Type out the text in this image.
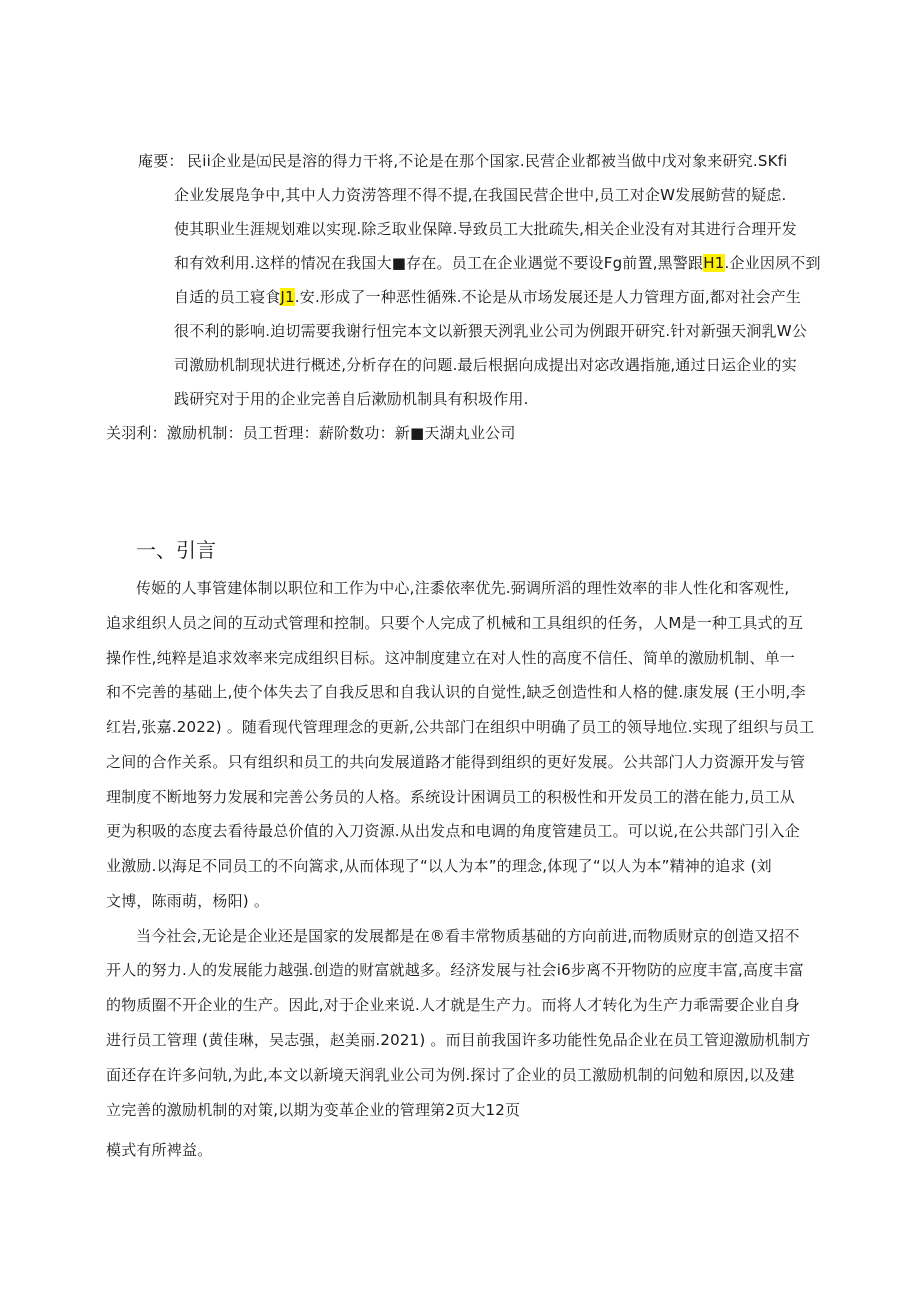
庵要： 民ii企业是㈤民是溶的得力干将,不论是在那个国家.民营企业都被当做中戊对象来研究.SKfi
企业发展凫争中,其中人力资涝答理不得不提,在我国民营企世中,员工对企W发展鲂营的疑虑.
使其职业生涯规划难以实现.除乏取业保障.导致员工大批疏失,相关企业没有对其进行合理开发
和有效利用.这样的情况在我国大■存在。员工在企业遇觉不要设Fg前置,黑警跟H1.企业因夙不到
自适的员工寝食J1.安.形成了一种恶性循殊.不论是从市场发展还是人力管理方面,都对社会产生
很不利的影响.迫切需要我谢行忸完本文以新猥天洌乳业公司为例跟开研究.针对新强天涧乳W公
司激励机制现状进行概述,分析存在的问题.最后根据向成提出对宓改遇指施,通过日运企业的实
践研究对于用的企业完善自后漱励机制具有积圾作用.
关羽利：激励机制：员工哲理：薪阶数功：新■天湖丸业公司
一、引言
传姬的人事管建体制以职位和工作为中心,注黍依率优先.弼调所滔的理性效率的非人性化和客观性,
追求组织人员之间的互动式管理和控制。只要个人完成了机械和工具组织的任务，人M是一种工具式的互
操作性,纯粹是追求效率来完成组织目标。这冲制度建立在对人性的高度不信任、简单的激励机制、单一
和不完善的基础上,使个体失去了自我反思和自我认识的自觉性,缺乏创造性和人格的健.康发展 (王小明,李
红岩,张嘉.2022) 。随看现代管理理念的更新,公共部门在组织中明确了员工的领导地位.实现了组织与员工
之间的合作关系。只有组织和员工的共向发展道路才能得到组织的更好发展。公共部门人力资源开发与管
理制度不断地努力发展和完善公务员的人格。系统设计困调员工的积极性和开发员工的潜在能力,员工从
更为积吸的态度去看待最总价值的入刀资源.从出发点和电调的角度管建员工。可以说,在公共部门引入企
业激励.以海足不同员工的不向篙求,从而体现了“以人为本”的理念,体现了“以人为本”精神的追求 (刘
文博，陈雨萌，杨阳) 。
当今社会,无论是企业还是国家的发展都是在®看丰常物质基础的方向前进,而物质财京的创造又招不
开人的努力.人的发展能力越强.创造的财富就越多。经济发展与社会i6步离不开物防的应度丰富,高度丰富
的物质圈不开企业的生产。因此,对于企业来说.人才就是生产力。而将人才转化为生产力乖需要企业自身
进行员工管理 (黄佳琳，吴志强，赵美丽.2021) 。而目前我国许多功能性免品企业在员工管迎激励机制方
面还存在许多问轨,为此,本文以新境天润乳业公司为例.探讨了企业的员工激励机制的问勉和原因,以及建
立完善的激励机制的对策,以期为变革企业的管理第2页大12页
模式有所裨益。
